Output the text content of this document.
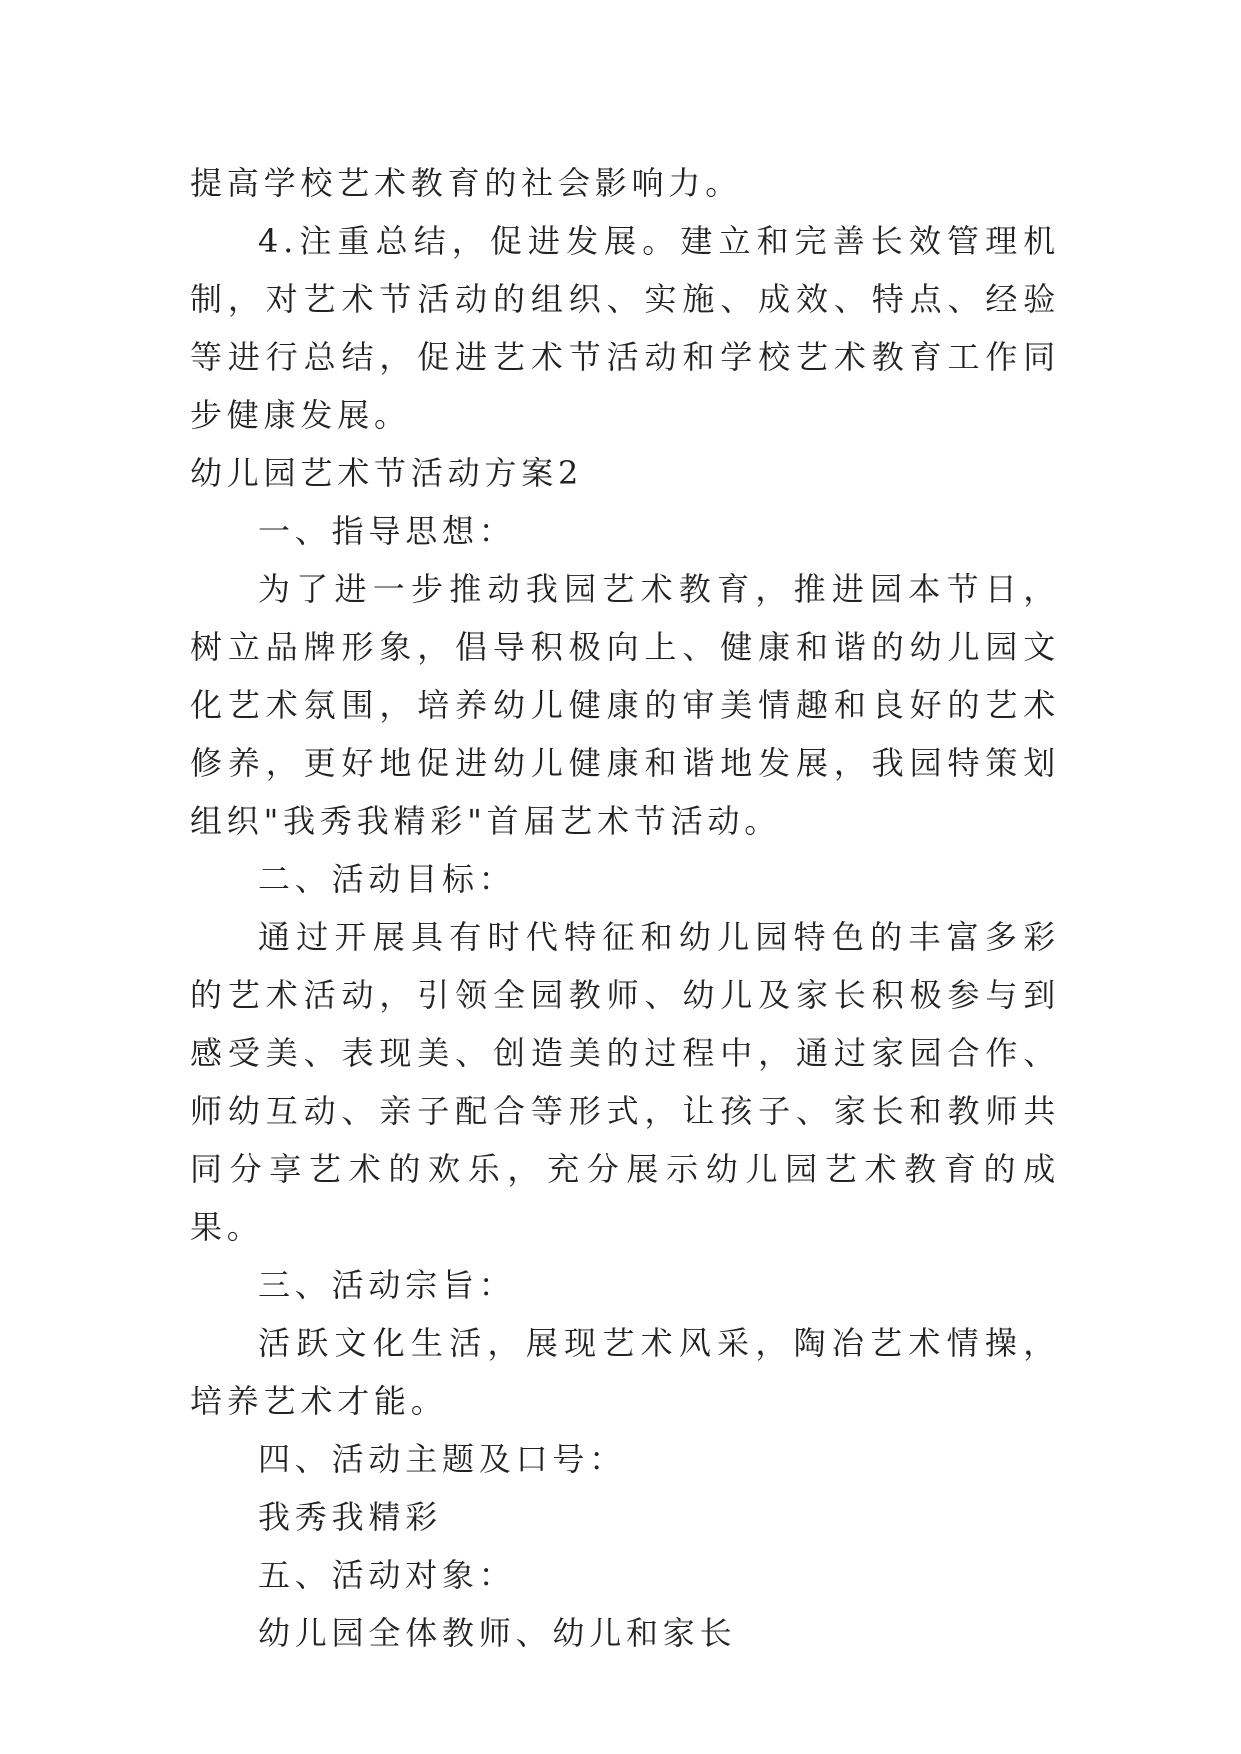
提高学校艺术教育的社会影响力。

4.注重总结，促进发展。建立和完善长效管理机制，对艺术节活动的组织、实施、成效、特点、经验等进行总结，促进艺术节活动和学校艺术教育工作同步健康发展。

幼儿园艺术节活动方案2

一、指导思想：

为了进一步推动我园艺术教育，推进园本节日，树立品牌形象，倡导积极向上、健康和谐的幼儿园文化艺术氛围，培养幼儿健康的审美情趣和良好的艺术修养，更好地促进幼儿健康和谐地发展，我园特策划组织"我秀我精彩"首届艺术节活动。

二、活动目标：

通过开展具有时代特征和幼儿园特色的丰富多彩的艺术活动，引领全园教师、幼儿及家长积极参与到感受美、表现美、创造美的过程中，通过家园合作、师幼互动、亲子配合等形式，让孩子、家长和教师共同分享艺术的欢乐，充分展示幼儿园艺术教育的成果。

三、活动宗旨：

活跃文化生活，展现艺术风采，陶冶艺术情操，培养艺术才能。

四、活动主题及口号：

我秀我精彩

五、活动对象：

幼儿园全体教师、幼儿和家长
